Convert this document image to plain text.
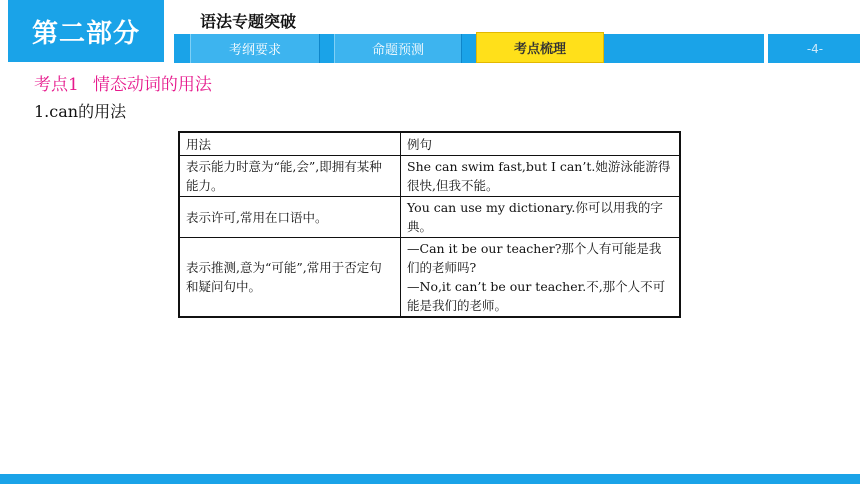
第二部分	语法专题突破
考纲要求	命题预测	考点梳理	-4-
考点1 情态动词的用法
1.can的用法
用法	例句
表示能力时意为“能,会”,即拥有某种能力。	She can swim fast,but I can’t.她游泳能游得很快,但我不能。
表示许可,常用在口语中。	You can use my dictionary.你可以用我的字典。
表示推测,意为“可能”,常用于否定句和疑问句中。	—Can it be our teacher?那个人有可能是我们的老师吗?
—No,it can’t be our teacher.不,那个人不可能是我们的老师。
